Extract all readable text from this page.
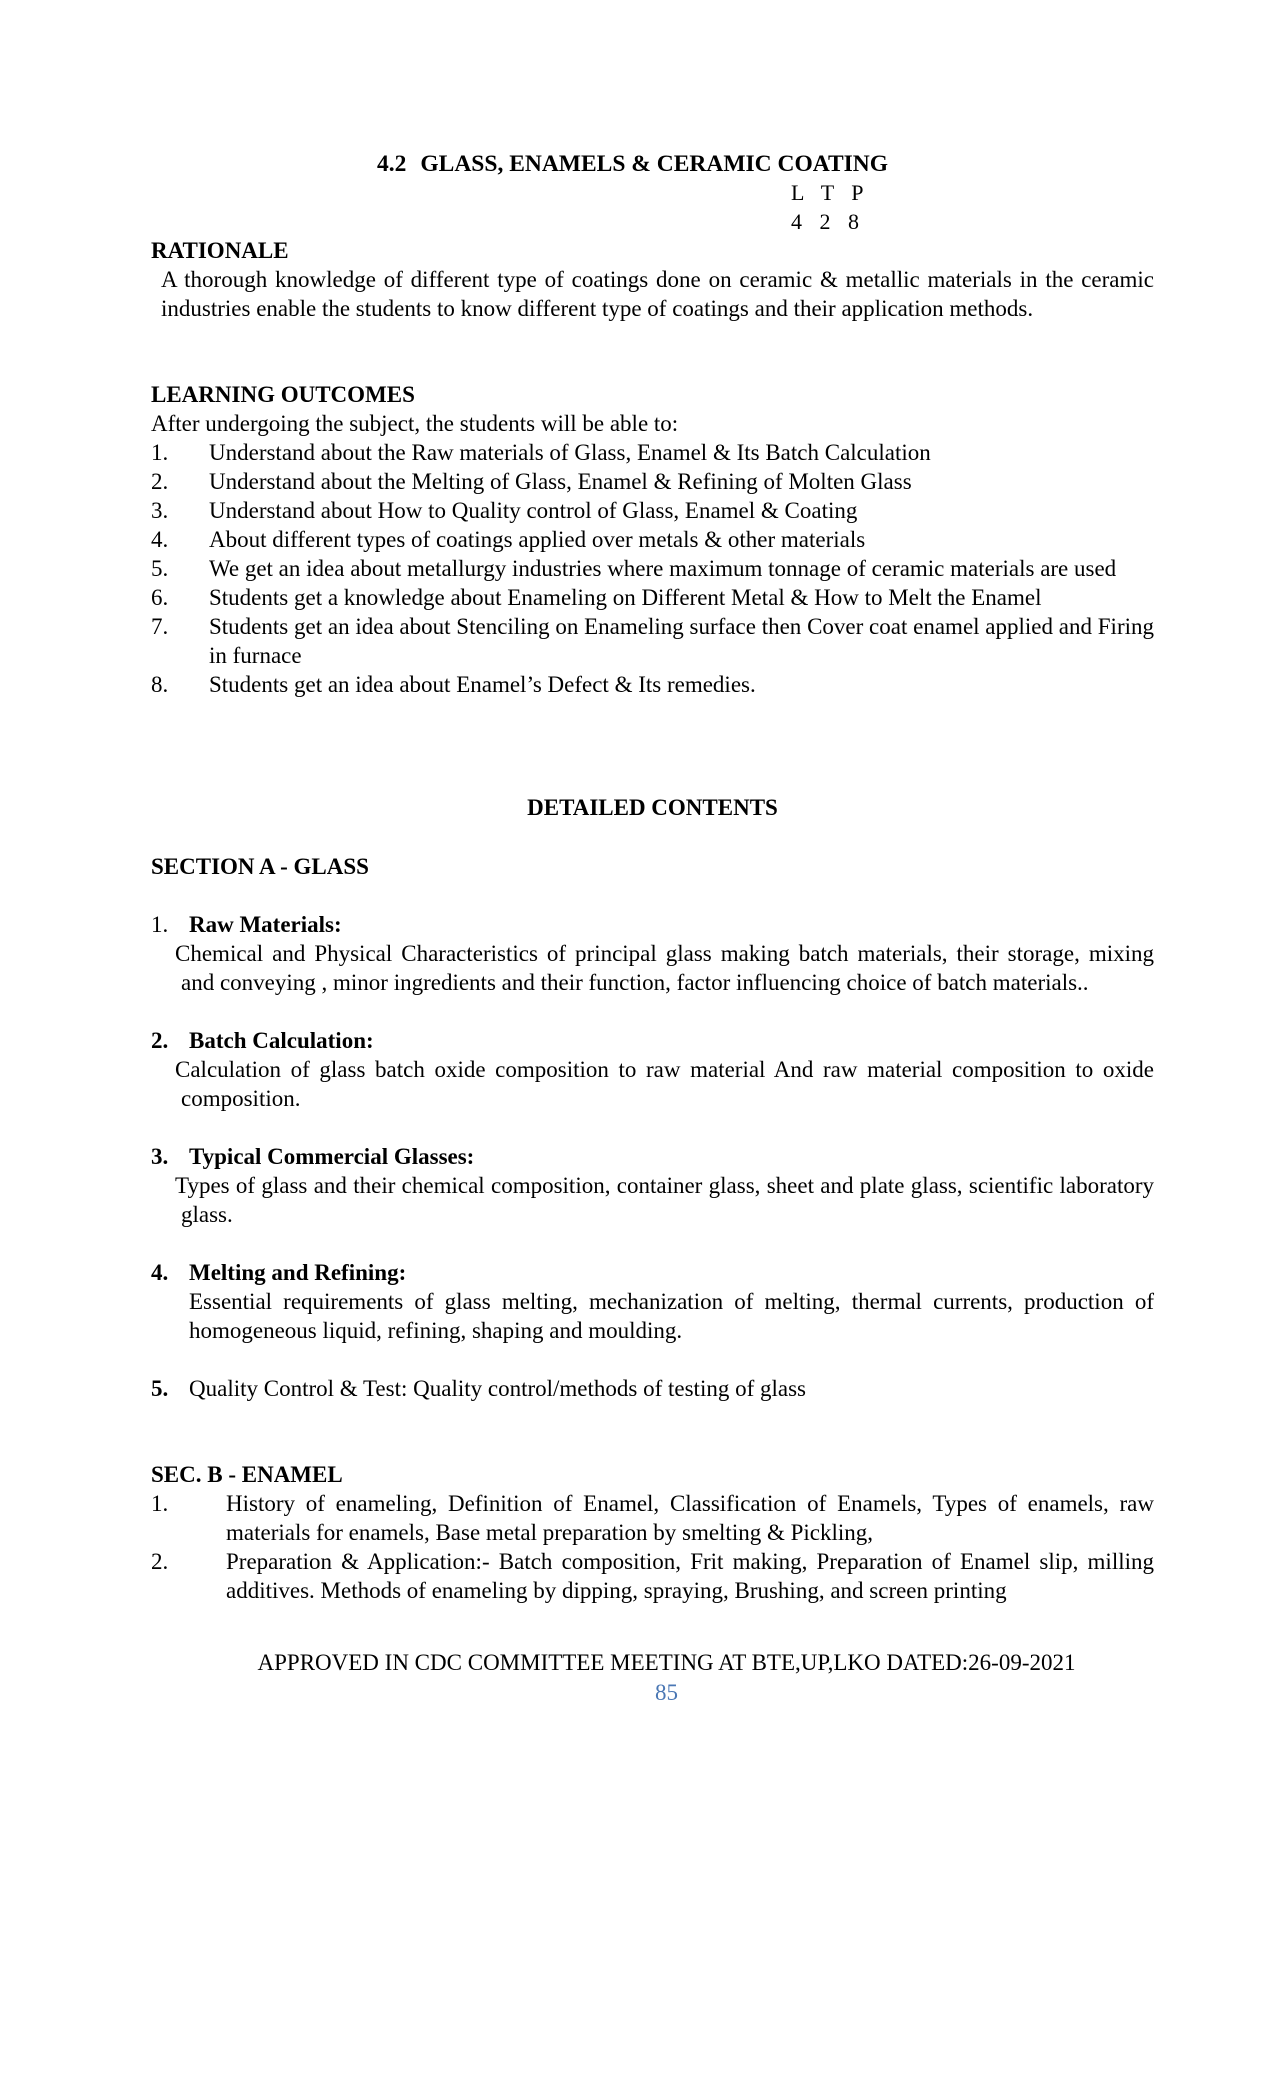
4.2 GLASS, ENAMELS & CERAMIC COATING
L T P
4 2 8
RATIONALE

A thorough knowledge of different type of coatings done on ceramic & metallic materials in the ceramic industries enable the students to know different type of coatings and their application methods.

LEARNING OUTCOMES
After undergoing the subject, the students will be able to:
1. Understand about the Raw materials of Glass, Enamel & Its Batch Calculation
2. Understand about the Melting of Glass, Enamel & Refining of Molten Glass
3. Understand about How to Quality control of Glass, Enamel & Coating
4. About different types of coatings applied over metals & other materials
5. We get an idea about metallurgy industries where maximum tonnage of ceramic materials are used
6. Students get a knowledge about Enameling on Different Metal & How to Melt the Enamel
7. Students get an idea about Stenciling on Enameling surface then Cover coat enamel applied and Firing in furnace
8. Students get an idea about Enamel’s Defect & Its remedies.
DETAILED CONTENTS
SECTION A - GLASS
1. Raw Materials:
Chemical and Physical Characteristics of principal glass making batch materials, their storage, mixing and conveying , minor ingredients and their function, factor influencing choice of batch materials..
2. Batch Calculation:
Calculation of glass batch oxide composition to raw material And raw material composition to oxide composition.
3. Typical Commercial Glasses:
Types of glass and their chemical composition, container glass, sheet and plate glass, scientific laboratory glass.
4. Melting and Refining:
Essential requirements of glass melting, mechanization of melting, thermal currents, production of homogeneous liquid, refining, shaping and moulding.
5. Quality Control & Test: Quality control/methods of testing of glass
SEC. B - ENAMEL
1.	History of enameling, Definition of Enamel, Classification of Enamels, Types of enamels, raw materials for enamels, Base metal preparation by smelting & Pickling,
2.	Preparation & Application:- Batch composition, Frit making, Preparation of Enamel slip, milling additives. Methods of enameling by dipping, spraying, Brushing, and screen printing
APPROVED IN CDC COMMITTEE MEETING AT BTE,UP,LKO DATED:26-09-2021
85
